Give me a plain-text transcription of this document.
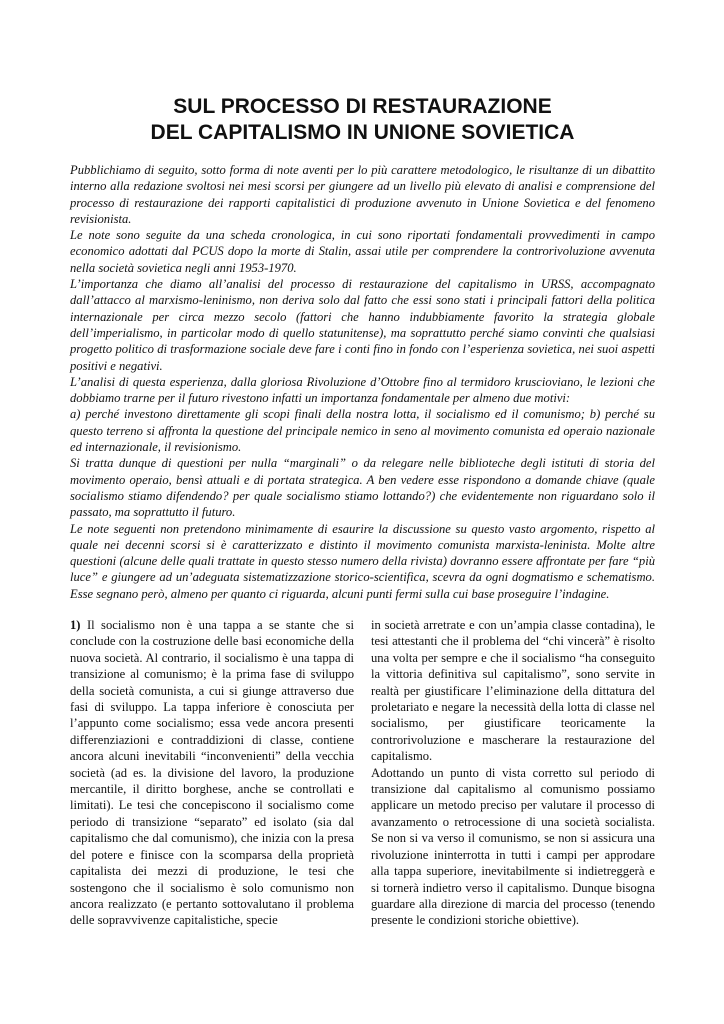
SUL PROCESSO DI RESTAURAZIONE
DEL CAPITALISMO IN UNIONE SOVIETICA

Pubblichiamo di seguito, sotto forma di note aventi per lo più carattere metodologico, le risultanze di un dibattito interno alla redazione svoltosi nei mesi scorsi per giungere ad un livello più elevato di analisi e comprensione del processo di restaurazione dei rapporti capitalistici di produzione avvenuto in Unione Sovietica e del fenomeno revisionista.

Le note sono seguite da una scheda cronologica, in cui sono riportati fondamentali provvedimenti in campo economico adottati dal PCUS dopo la morte di Stalin, assai utile per comprendere la controrivoluzione avvenuta nella società sovietica negli anni 1953-1970.

L’importanza che diamo all’analisi del processo di restaurazione del capitalismo in URSS, accompagnato dall’attacco al marxismo-leninismo, non deriva solo dal fatto che essi sono stati i principali fattori della politica internazionale per circa mezzo secolo (fattori che hanno indubbiamente favorito la strategia globale dell’imperialismo, in particolar modo di quello statunitense), ma soprattutto perché siamo convinti che qualsiasi progetto politico di trasformazione sociale deve fare i conti fino in fondo con l’esperienza sovietica, nei suoi aspetti positivi e negativi.

L’analisi di questa esperienza, dalla gloriosa Rivoluzione d’Ottobre fino al termidoro kruscioviano, le lezioni che dobbiamo trarne per il futuro rivestono infatti un importanza fondamentale per almeno due motivi:

a) perché investono direttamente gli scopi finali della nostra lotta, il socialismo ed il comunismo; b) perché su questo terreno si affronta la questione del principale nemico in seno al movimento comunista ed operaio nazionale ed internazionale, il revisionismo.

Si tratta dunque di questioni per nulla “marginali” o da relegare nelle biblioteche degli istituti di storia del movimento operaio, bensì attuali e di portata strategica. A ben vedere esse rispondono a domande chiave (quale socialismo stiamo difendendo? per quale socialismo stiamo lottando?) che evidentemente non riguardano solo il passato, ma soprattutto il futuro.

Le note seguenti non pretendono minimamente di esaurire la discussione su questo vasto argomento, rispetto al quale nei decenni scorsi si è caratterizzato e distinto il movimento comunista marxista-leninista. Molte altre questioni (alcune delle quali trattate in questo stesso numero della rivista) dovranno essere affrontate per fare “più luce” e giungere ad un’adeguata sistematizzazione storico-scientifica, scevra da ogni dogmatismo e schematismo. Esse segnano però, almeno per quanto ci riguarda, alcuni punti fermi sulla cui base proseguire l’indagine.

1) Il socialismo non è una tappa a se stante che si conclude con la costruzione delle basi economiche della nuova società. Al contrario, il socialismo è una tappa di transizione al comunismo; è la prima fase di sviluppo della società comunista, a cui si giunge attraverso due fasi di sviluppo. La tappa inferiore è conosciuta per l’appunto come socialismo; essa vede ancora presenti differenziazioni e contraddizioni di classe, contiene ancora alcuni inevitabili “inconvenienti” della vecchia società (ad es. la divisione del lavoro, la produzione mercantile, il diritto borghese, anche se controllati e limitati). Le tesi che concepiscono il socialismo come periodo di transizione “separato” ed isolato (sia dal capitalismo che dal comunismo), che inizia con la presa del potere e finisce con la scomparsa della proprietà capitalista dei mezzi di produzione, le tesi che sostengono che il socialismo è solo comunismo non ancora realizzato (e pertanto sottovalutano il problema delle sopravvivenze capitalistiche, specie

in società arretrate e con un’ampia classe contadina), le tesi attestanti che il problema del “chi vincerà” è risolto una volta per sempre e che il socialismo “ha conseguito la vittoria definitiva sul capitalismo”, sono servite in realtà per giustificare l’eliminazione della dittatura del proletariato e negare la necessità della lotta di classe nel socialismo, per giustificare teoricamente la controrivoluzione e mascherare la restaurazione del capitalismo.

Adottando un punto di vista corretto sul periodo di transizione dal capitalismo al comunismo possiamo applicare un metodo preciso per valutare il processo di avanzamento o retrocessione di una società socialista. Se non si va verso il comunismo, se non si assicura una rivoluzione ininterrotta in tutti i campi per approdare alla tappa superiore, inevitabilmente si indietreggerà e si tornerà indietro verso il capitalismo. Dunque bisogna guardare alla direzione di marcia del processo (tenendo presente le condizioni storiche obiettive).
